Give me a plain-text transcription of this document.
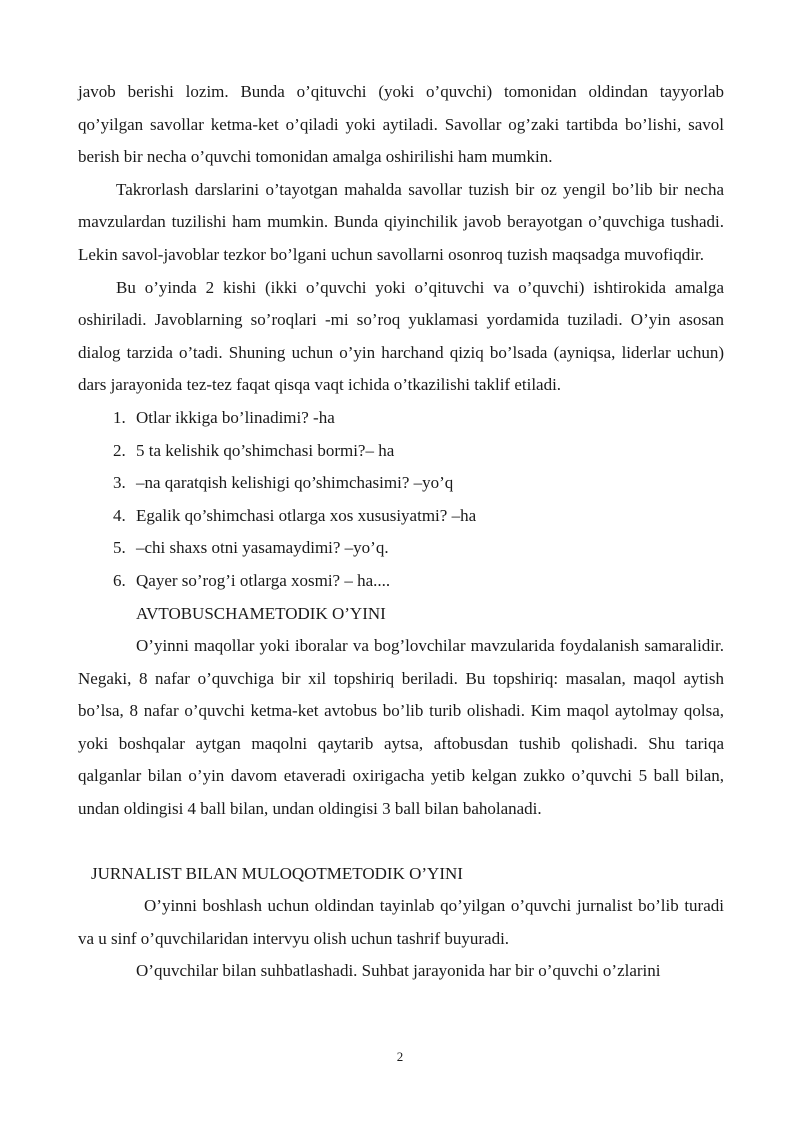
javob berishi lozim. Bunda o’qituvchi (yoki o’quvchi) tomonidan oldindan tayyorlab qo’yilgan savollar ketma-ket o’qiladi yoki aytiladi. Savollar og’zaki tartibda bo’lishi, savol berish bir necha o’quvchi tomonidan amalga oshirilishi ham mumkin.

Takrorlash darslarini o’tayotgan mahalda savollar tuzish bir oz yengil bo’lib bir necha mavzulardan tuzilishi ham mumkin. Bunda qiyinchilik javob berayotgan o’quvchiga tushadi. Lekin savol-javoblar tezkor bo’lgani uchun savollarni osonroq tuzish maqsadga muvofiqdir.

Bu o’yinda 2 kishi (ikki o’quvchi yoki o’qituvchi va o’quvchi) ishtirokida amalga oshiriladi. Javoblarning so’roqlari -mi so’roq yuklamasi yordamida tuziladi. O’yin asosan dialog tarzida o’tadi. Shuning uchun o’yin harchand qiziq bo’lsada (ayniqsa, liderlar uchun) dars jarayonida tez-tez faqat qisqa vaqt ichida o’tkazilishi taklif etiladi.

1. Otlar ikkiga bo’linadimi? -ha
2. 5 ta kelishik qo’shimchasi bormi?– ha
3. –na qaratqish kelishigi qo’shimchasimi? –yo’q
4. Egalik qo’shimchasi otlarga xos xususiyatmi? –ha
5. –chi shaxs otni yasamaydimi? –yo’q.
6. Qayer so’rog’i otlarga xosmi? – ha....

AVTOBUSCHAMETODIK O’YINI

O’yinni maqollar yoki iboralar va bog’lovchilar mavzularida foydalanish samaralidir. Negaki, 8 nafar o’quvchiga bir xil topshiriq beriladi. Bu topshiriq: masalan, maqol aytish bo’lsa, 8 nafar o’quvchi ketma-ket avtobus bo’lib turib olishadi. Kim maqol aytolmay qolsa, yoki boshqalar aytgan maqolni qaytarib aytsa, aftobusdan tushib qolishadi. Shu tariqa qalganlar bilan o’yin davom etaveradi oxirigacha yetib kelgan zukko o’quvchi 5 ball bilan, undan oldingisi 4 ball bilan, undan oldingisi 3 ball bilan baholanadi.

JURNALIST BILAN MULOQOTMETODIK O’YINI

O’yinni boshlash uchun oldindan tayinlab qo’yilgan o’quvchi jurnalist bo’lib turadi va u sinf o’quvchilaridan intervyu olish uchun tashrif buyuradi.

O’quvchilar bilan suhbatlashadi. Suhbat jarayonida har bir o’quvchi o’zlarini

2
